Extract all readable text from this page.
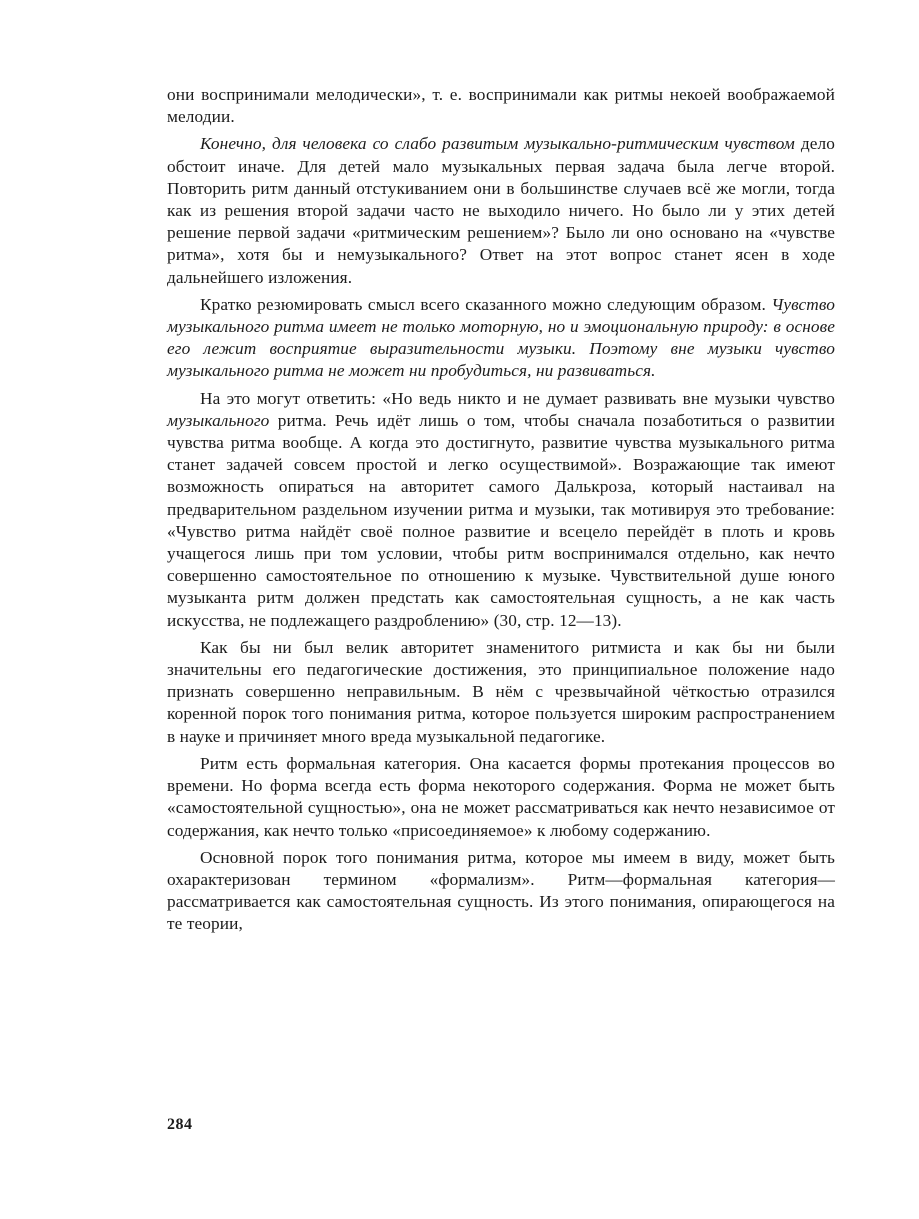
они воспринимали мелодически», т. е. воспринимали как ритмы некоей воображаемой мелодии.

Конечно, для человека со слабо развитым музыкально-ритмическим чувством дело обстоит иначе. Для детей мало музыкальных первая задача была легче второй. Повторить ритм данный отстукиванием они в большинстве случаев всё же могли, тогда как из решения второй задачи часто не выходило ничего. Но было ли у этих детей решение первой задачи «ритмическим решением»? Было ли оно основано на «чувстве ритма», хотя бы и немузыкального? Ответ на этот вопрос станет ясен в ходе дальнейшего изложения.

Кратко резюмировать смысл всего сказанного можно следующим образом. Чувство музыкального ритма имеет не только моторную, но и эмоциональную природу: в основе его лежит восприятие выразительности музыки. Поэтому вне музыки чувство музыкального ритма не может ни пробудиться, ни развиваться.

На это могут ответить: «Но ведь никто и не думает развивать вне музыки чувство музыкального ритма. Речь идёт лишь о том, чтобы сначала позаботиться о развитии чувства ритма вообще. А когда это достигнуто, развитие чувства музыкального ритма станет задачей совсем простой и легко осуществимой». Возражающие так имеют возможность опираться на авторитет самого Далькроза, который настаивал на предварительном раздельном изучении ритма и музыки, так мотивируя это требование: «Чувство ритма найдёт своё полное развитие и всецело перейдёт в плоть и кровь учащегося лишь при том условии, чтобы ритм воспринимался отдельно, как нечто совершенно самостоятельное по отношению к музыке. Чувствительной душе юного музыканта ритм должен предстать как самостоятельная сущность, а не как часть искусства, не подлежащего раздроблению» (30, стр. 12—13).

Как бы ни был велик авторитет знаменитого ритмиста и как бы ни были значительны его педагогические достижения, это принципиальное положение надо признать совершенно неправильным. В нём с чрезвычайной чёткостью отразился коренной порок того понимания ритма, которое пользуется широким распространением в науке и причиняет много вреда музыкальной педагогике.

Ритм есть формальная категория. Она касается формы протекания процессов во времени. Но форма всегда есть форма некоторого содержания. Форма не может быть «самостоятельной сущностью», она не может рассматриваться как нечто независимое от содержания, как нечто только «присоединяемое» к любому содержанию.

Основной порок того понимания ритма, которое мы имеем в виду, может быть охарактеризован термином «формализм». Ритм—формальная категория—рассматривается как самостоятельная сущность. Из этого понимания, опирающегося на те теории,

284
